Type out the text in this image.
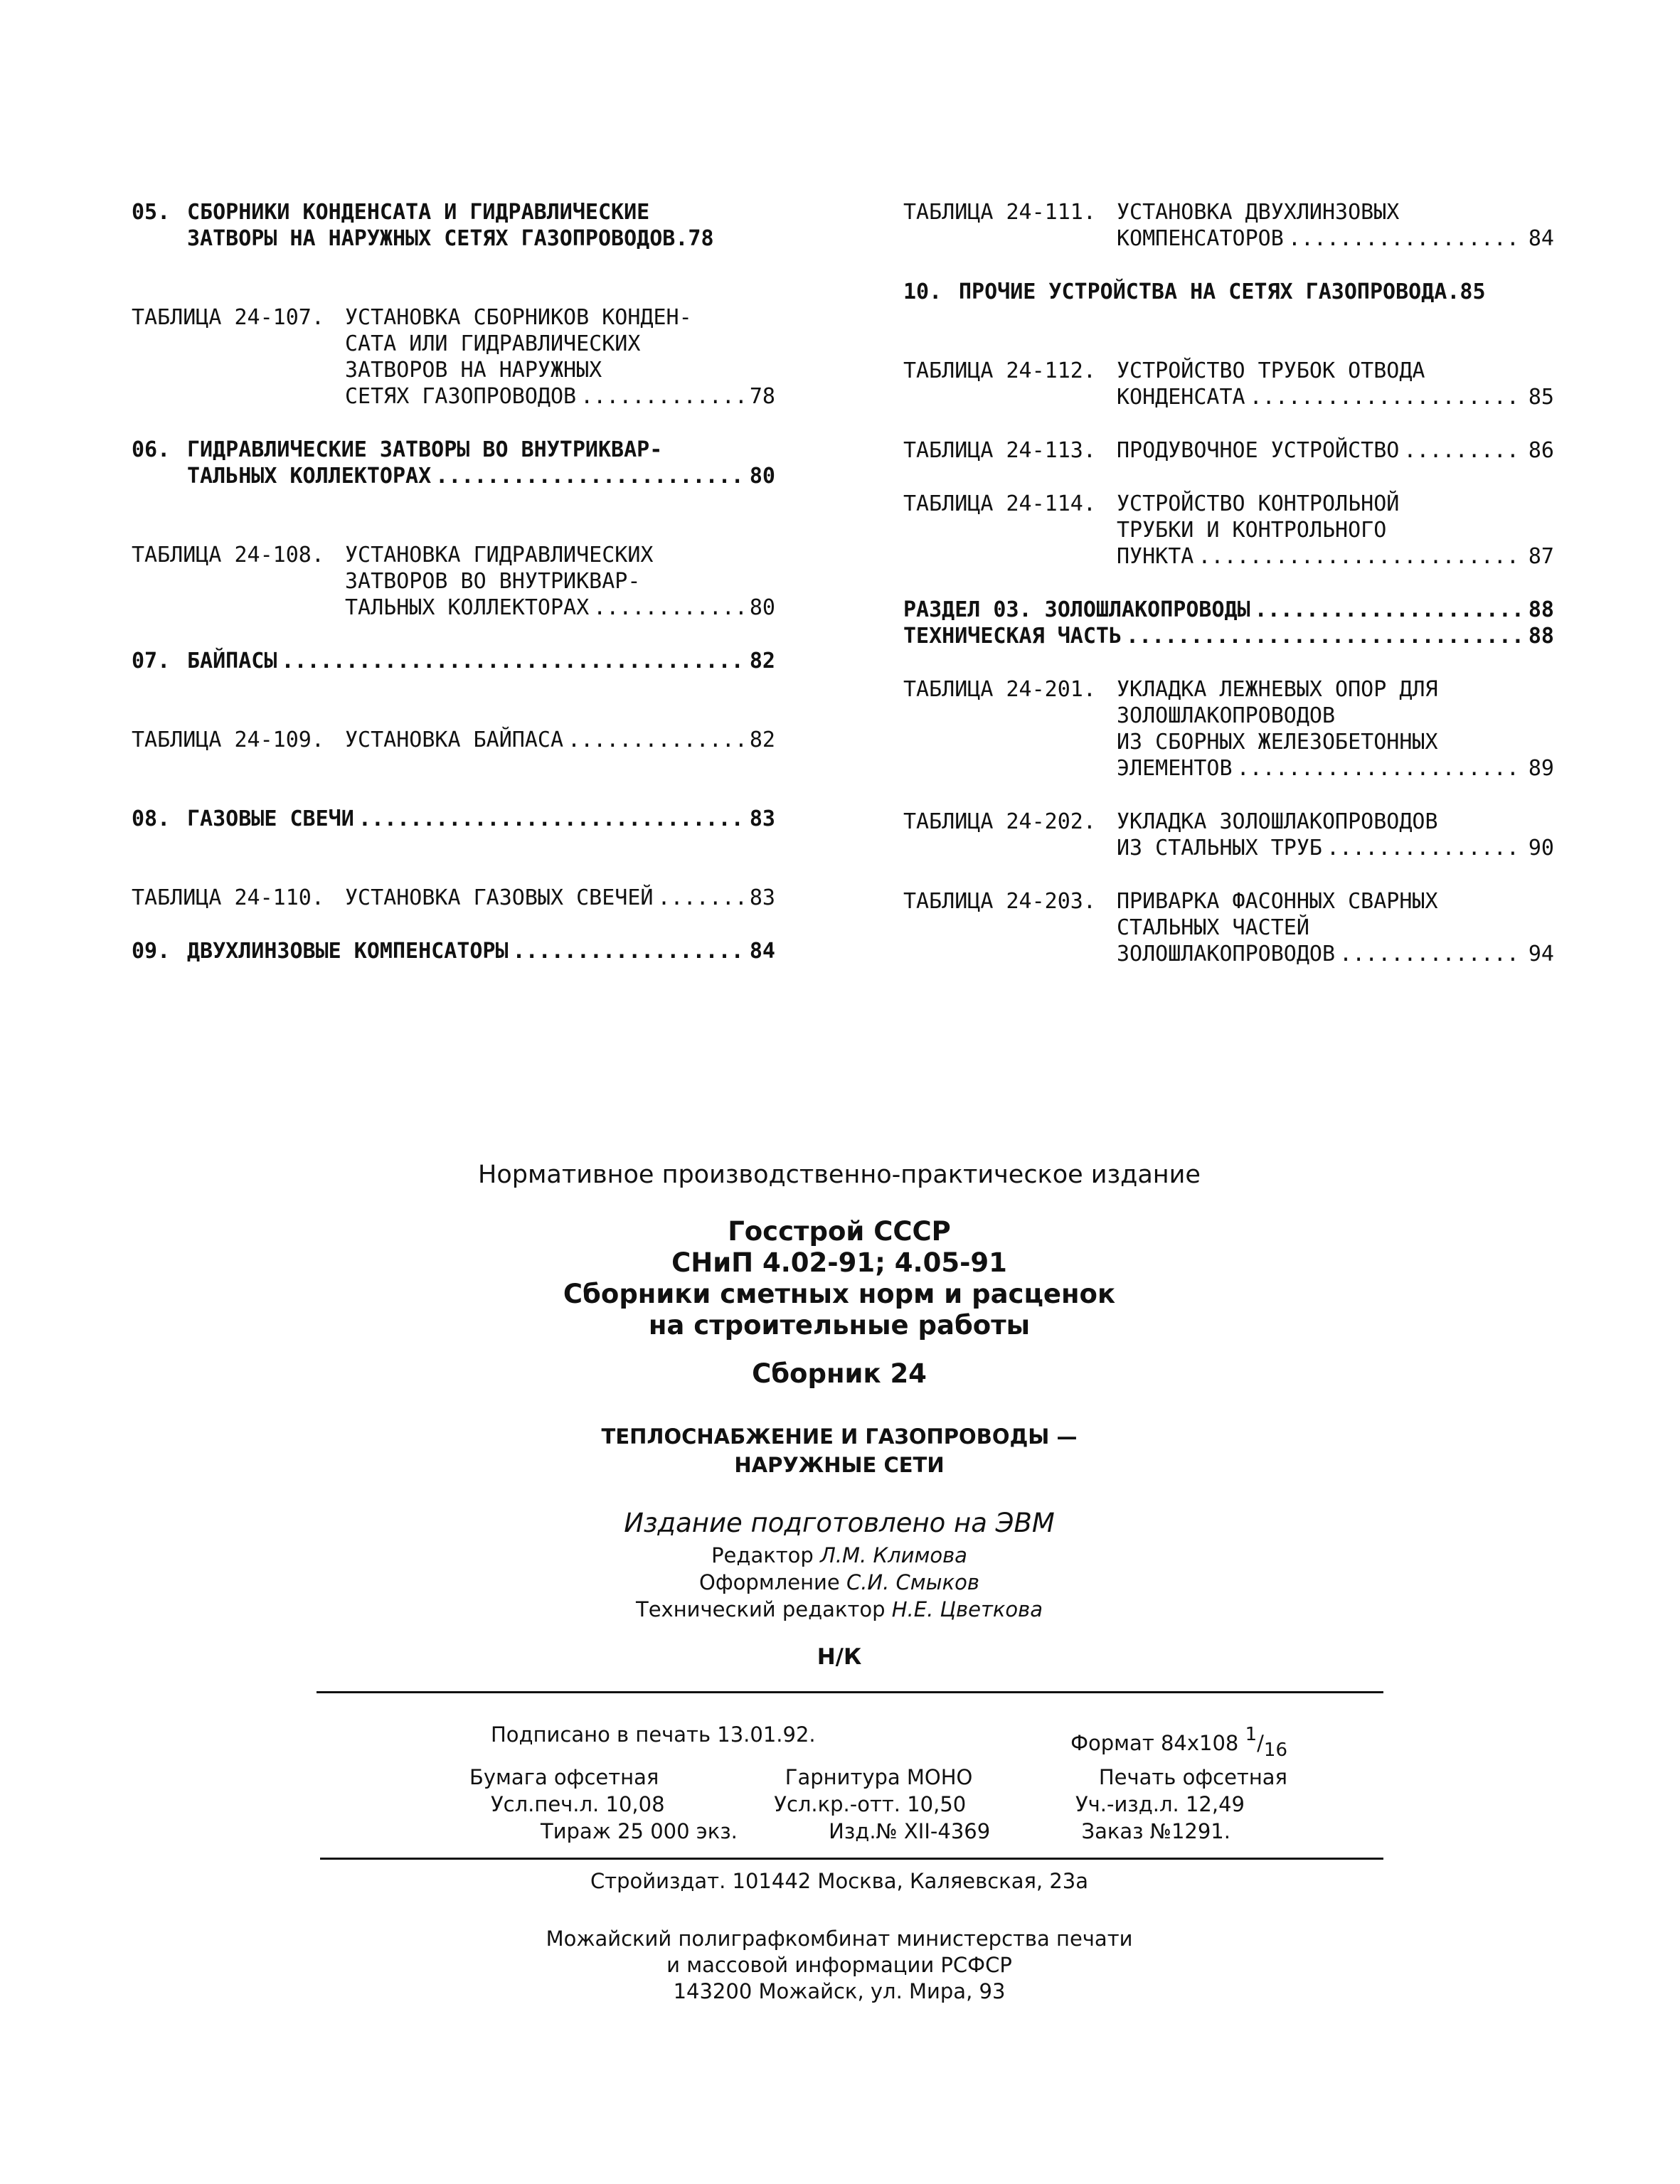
05. СБОРНИКИ КОНДЕНСАТА И ГИДРАВЛИЧЕСКИЕ
ЗАТВОРЫ НА НАРУЖНЫХ СЕТЯХ ГАЗОПРОВОДОВ . 78
ТАБЛИЦА 24-107. УСТАНОВКА СБОРНИКОВ КОНДЕН-
САТА ИЛИ ГИДРАВЛИЧЕСКИХ
ЗАТВОРОВ НА НАРУЖНЫХ
СЕТЯХ ГАЗОПРОВОДОВ .....	78
06. ГИДРАВЛИЧЕСКИЕ ЗАТВОРЫ ВО ВНУТРИКВАР-
ТАЛЬНЫХ КОЛЛЕКТОРАХ .....	80
ТАБЛИЦА 24-108. УСТАНОВКА ГИДРАВЛИЧЕСКИХ
ЗАТВОРОВ ВО ВНУТРИКВАР-
ТАЛЬНЫХ КОЛЛЕКТОРАХ .....	80
07. БАЙПАСЫ .....	82
ТАБЛИЦА 24-109. УСТАНОВКА БАЙПАСА .....	82
08. ГАЗОВЫЕ СВЕЧИ .....	83
ТАБЛИЦА 24-110. УСТАНОВКА ГАЗОВЫХ СВЕЧЕЙ .....	83
09. ДВУХЛИНЗОВЫЕ КОМПЕНСАТОРЫ .....	84
ТАБЛИЦА 24-111. УСТАНОВКА ДВУХЛИНЗОВЫХ
КОМПЕНСАТОРОВ .....	84
10. ПРОЧИЕ УСТРОЙСТВА НА СЕТЯХ ГАЗОПРОВОДА . 85
ТАБЛИЦА 24-112. УСТРОЙСТВО ТРУБОК ОТВОДА
КОНДЕНСАТА .....	85
ТАБЛИЦА 24-113. ПРОДУВОЧНОЕ УСТРОЙСТВО .....	86
ТАБЛИЦА 24-114. УСТРОЙСТВО КОНТРОЛЬНОЙ
ТРУБКИ И КОНТРОЛЬНОГО
ПУНКТА .....	87
РАЗДЕЛ 03. ЗОЛОШЛАКОПРОВОДЫ .....	88
ТЕХНИЧЕСКАЯ ЧАСТЬ .....	88
ТАБЛИЦА 24-201. УКЛАДКА ЛЕЖНЕВЫХ ОПОР ДЛЯ
ЗОЛОШЛАКОПРОВОДОВ
ИЗ СБОРНЫХ ЖЕЛЕЗОБЕТОННЫХ
ЭЛЕМЕНТОВ .....	89
ТАБЛИЦА 24-202. УКЛАДКА ЗОЛОШЛАКОПРОВОДОВ
ИЗ СТАЛЬНЫХ ТРУБ .....	90
ТАБЛИЦА 24-203. ПРИВАРКА ФАСОННЫХ СВАРНЫХ
СТАЛЬНЫХ ЧАСТЕЙ
ЗОЛОШЛАКОПРОВОДОВ .....	94
Нормативное производственно-практическое издание
Госстрой СССР
СНиП 4.02-91; 4.05-91
Сборники сметных норм и расценок
на строительные работы
Сборник 24
ТЕПЛОСНАБЖЕНИЕ И ГАЗОПРОВОДЫ —
НАРУЖНЫЕ СЕТИ
Издание подготовлено на ЭВМ
Редактор Л.М. Климова
Оформление С.И. Смыков
Технический редактор Н.Е. Цветкова
Н/К
Подписано в печать 13.01.92.	Формат 84х108 $^1/_{16}$
Бумага офсетная	Гарнитура МОНО	Печать офсетная
Усл.печ.л. 10,08	Усл.кр.-отт. 10,50	Уч.-изд.л. 12,49
Тираж 25 000 экз.	Изд.№ XII-4369	Заказ №1291.
Стройиздат. 101442 Москва, Каляевская, 23а
Можайский полиграфкомбинат министерства печати
и массовой информации РСФСР
143200 Можайск, ул. Мира, 93
